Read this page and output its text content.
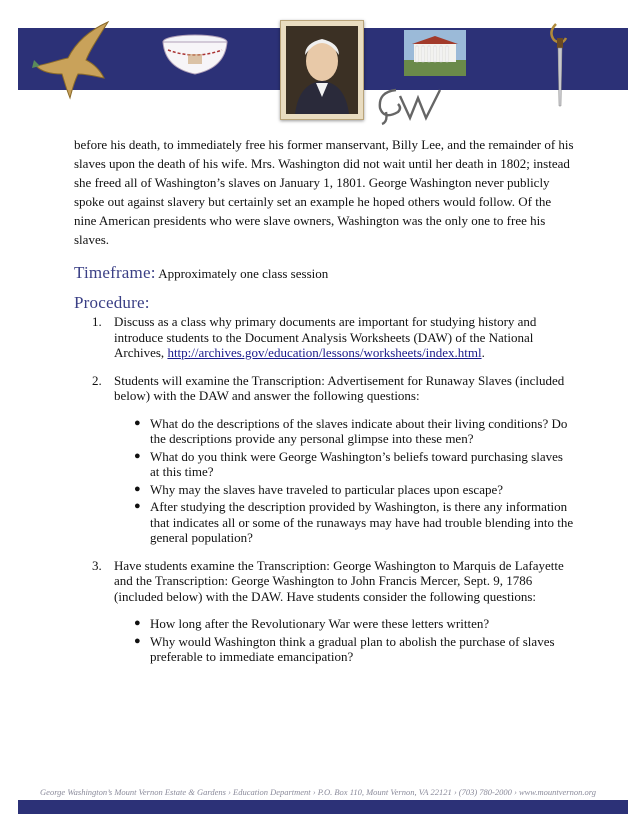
before his death, to immediately free his former manservant, Billy Lee, and the remainder of his slaves upon the death of his wife. Mrs. Washington did not wait until her death in 1802; instead she freed all of Washington’s slaves on January 1, 1801. George Washington never publicly spoke out against slavery but certainly set an example he hoped others would follow. Of the nine American presidents who were slave owners, Washington was the only one to free his slaves.

Timeframe: Approximately one class session
Procedure:
1. Discuss as a class why primary documents are important for studying history and introduce students to the Document Analysis Worksheets (DAW) of the National Archives, http://archives.gov/education/lessons/worksheets/index.html.

2. Students will examine the Transcription: Advertisement for Runaway Slaves (included below) with the DAW and answer the following questions:

● What do the descriptions of the slaves indicate about their living conditions? Do the descriptions provide any personal glimpse into these men?
● What do you think were George Washington’s beliefs toward purchasing slaves at this time?
● Why may the slaves have traveled to particular places upon escape?
● After studying the description provided by Washington, is there any information that indicates all or some of the runaways may have had trouble blending into the general population?
3. Have students examine the Transcription: George Washington to Marquis de Lafayette and the Transcription: George Washington to John Francis Mercer, Sept. 9, 1786 (included below) with the DAW. Have students consider the following questions:

● How long after the Revolutionary War were these letters written?
● Why would Washington think a gradual plan to abolish the purchase of slaves preferable to immediate emancipation?
George Washington’s Mount Vernon Estate & Gardens › Education Department › P.O. Box 110, Mount Vernon, VA 22121 › (703) 780-2000 › www.mountvernon.org
